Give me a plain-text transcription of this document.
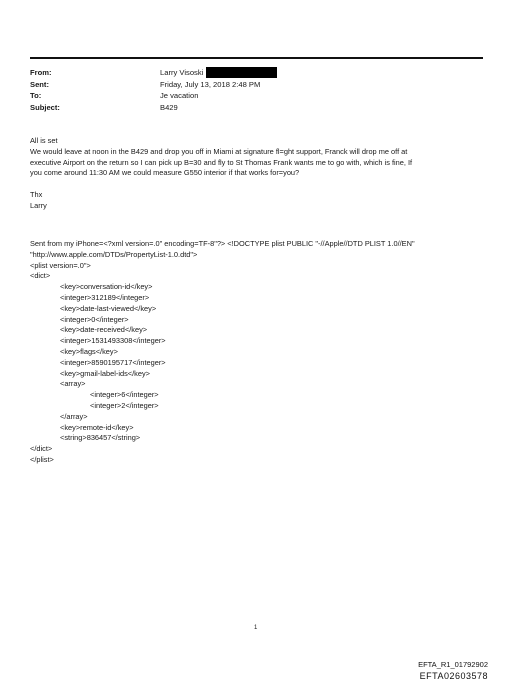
From:	Larry Visoski
Sent:	Friday, July 13, 2018 2:48 PM
To:	Je vacation
Subject:	B429

All is set

We would leave at noon in the B429 and drop you off in Miami at signature fl=ght support, Franck will drop me off at

executive Airport on the return so I can pick up B=30 and fly to St Thomas Frank wants me to go with, which is fine, If

you come around 11:30 AM we could measure G550 interior if that works for=you?

Thx

Larry

Sent from my iPhone=<?xml version=.0" encoding=TF-8"?> <!DOCTYPE plist PUBLIC "-//Apple//DTD PLIST 1.0//EN"

"http://www.apple.com/DTDs/PropertyList-1.0.dtd">

<plist version=.0">

<dict>

<key>conversation-id</key>

<integer>312189</integer>

<key>date-last-viewed</key>

<integer>0</integer>

<key>date-received</key>

<integer>1531493308</integer>

<key>flags</key>

<integer>8590195717</integer>

<key>gmail-label-ids</key>

<array>

<integer>6</integer>

<integer>2</integer>

</array>

<key>remote-id</key>

<string>836457</string>

</dict>

</plist>

1
EFTA_R1_01792902
EFTA02603578
